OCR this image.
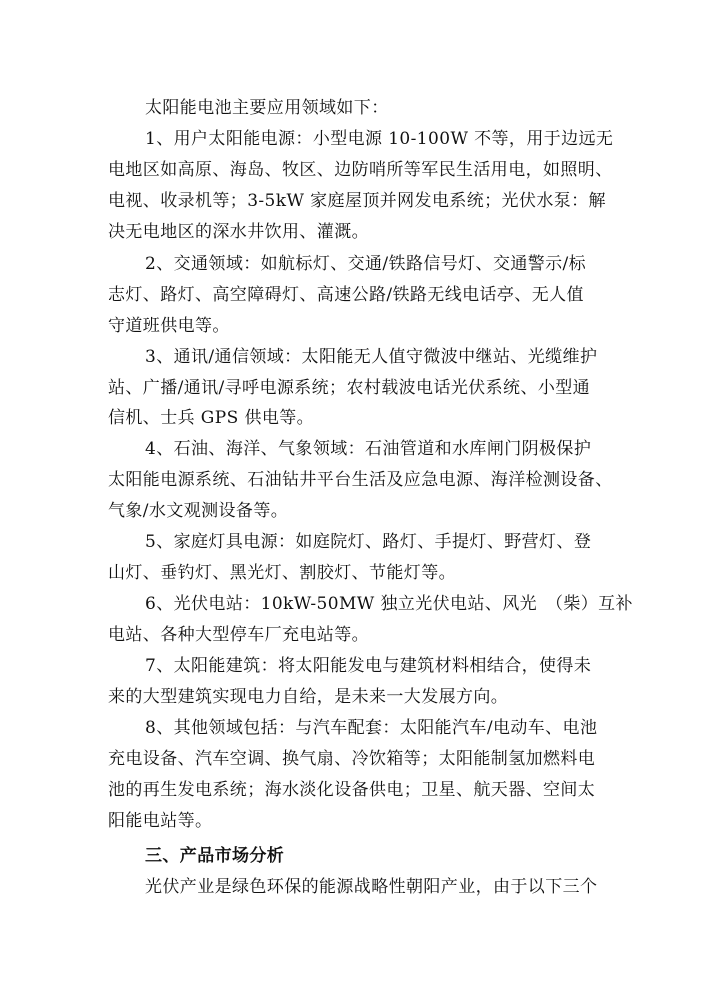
太阳能电池主要应用领域如下：
1、用户太阳能电源：小型电源 10-100W 不等，用于边远无
电地区如高原、海岛、牧区、边防哨所等军民生活用电，如照明、
电视、收录机等；3-5kW 家庭屋顶并网发电系统；光伏水泵：解
决无电地区的深水井饮用、灌溉。
2、交通领域：如航标灯、交通/铁路信号灯、交通警示/标
志灯、路灯、高空障碍灯、高速公路/铁路无线电话亭、无人值
守道班供电等。
3、通讯/通信领域：太阳能无人值守微波中继站、光缆维护
站、广播/通讯/寻呼电源系统；农村载波电话光伏系统、小型通
信机、士兵 GPS 供电等。
4、石油、海洋、气象领域：石油管道和水库闸门阴极保护
太阳能电源系统、石油钻井平台生活及应急电源、海洋检测设备、
气象/水文观测设备等。
5、家庭灯具电源：如庭院灯、路灯、手提灯、野营灯、登
山灯、垂钓灯、黑光灯、割胶灯、节能灯等。
6、光伏电站：10kW-50MW 独立光伏电站、风光　（柴）互补
电站、各种大型停车厂充电站等。
7、太阳能建筑：将太阳能发电与建筑材料相结合，使得未
来的大型建筑实现电力自给，是未来一大发展方向。
8、其他领域包括：与汽车配套：太阳能汽车/电动车、电池
充电设备、汽车空调、换气扇、冷饮箱等；太阳能制氢加燃料电
池的再生发电系统；海水淡化设备供电；卫星、航天器、空间太
阳能电站等。
三、产品市场分析
光伏产业是绿色环保的能源战略性朝阳产业，由于以下三个
